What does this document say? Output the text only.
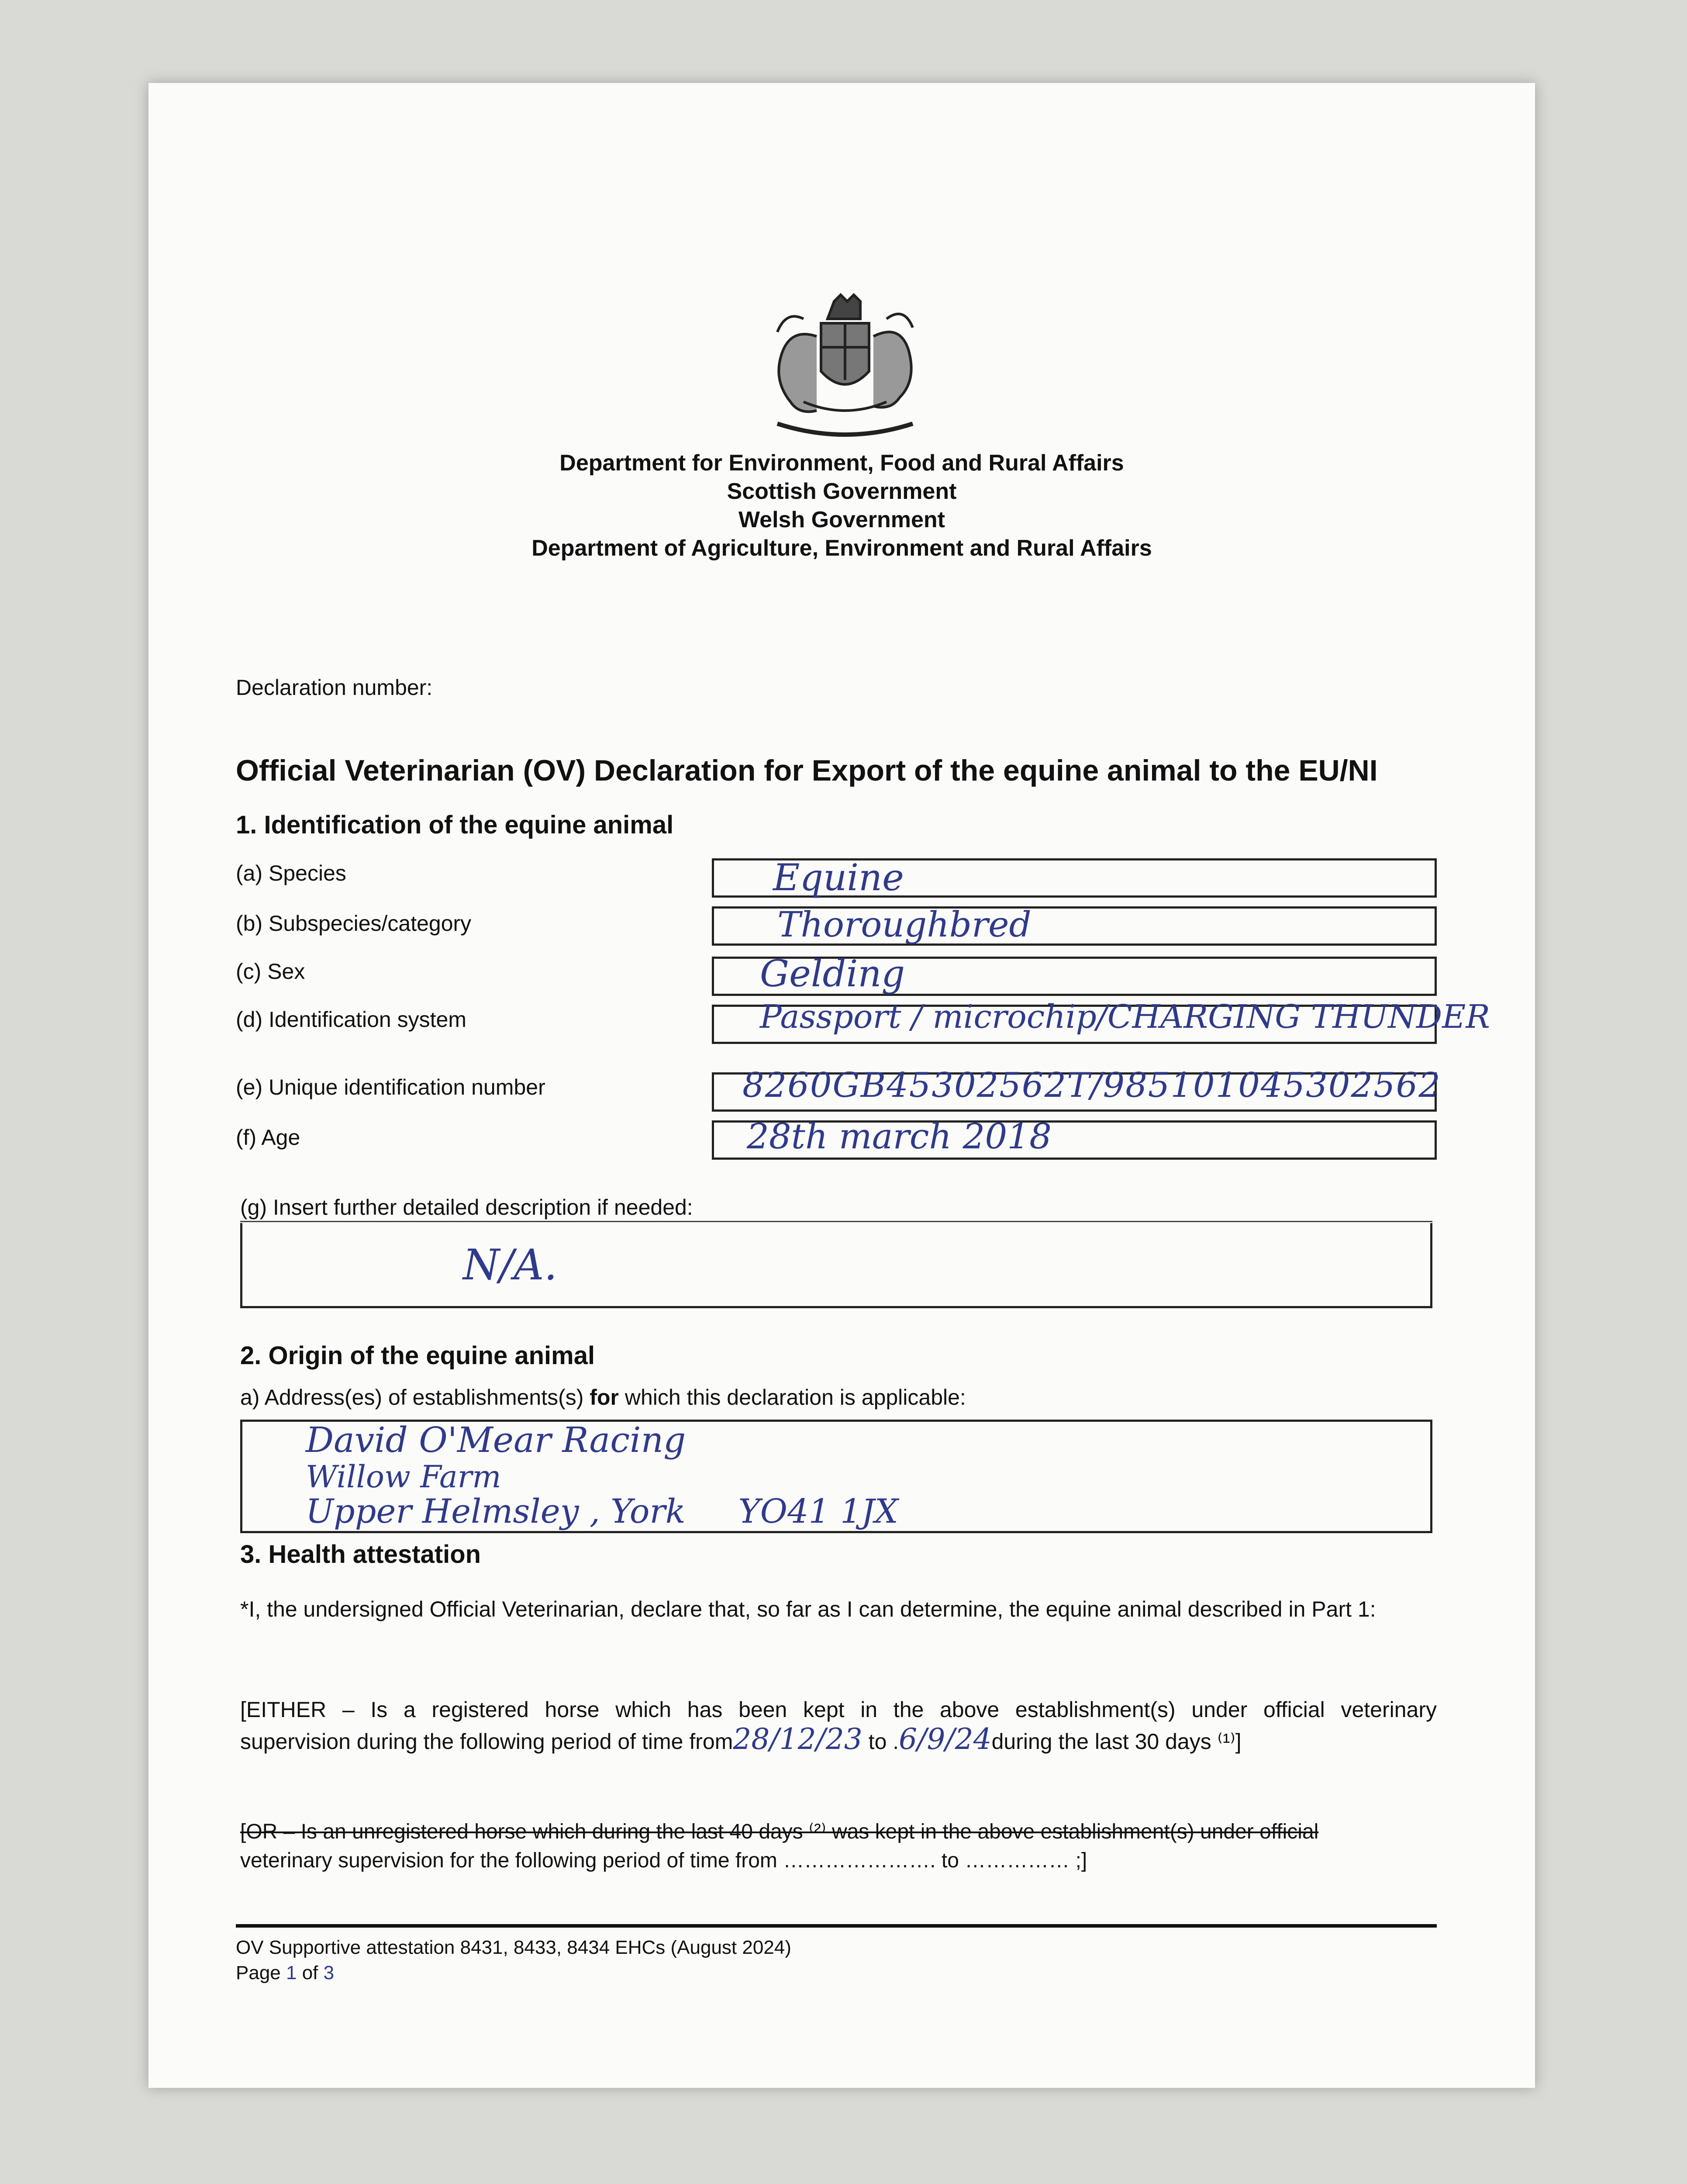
Department for Environment, Food and Rural Affairs
Scottish Government
Welsh Government
Department of Agriculture, Environment and Rural Affairs
Declaration number:
Official Veterinarian (OV) Declaration for Export of the equine animal to the EU/NI
1. Identification of the equine animal
(a) Species	Equine
(b) Subspecies/category	Thoroughbred
(c) Sex	Gelding
(d) Identification system	Passport / microchip/CHARGING THUNDER
(e) Unique identification number	8260GB45302562T/985101045302562
(f) Age	28th march 2018
(g) Insert further detailed description if needed:
N/A.
2. Origin of the equine animal
a) Address(es) of establishments(s) for which this declaration is applicable:
David O'Mear Racing
Willow Farm
Upper Helmsley , York     YO41 1JX
3. Health attestation
*I, the undersigned Official Veterinarian, declare that, so far as I can determine, the equine animal described in Part 1:
[EITHER – Is a registered horse which has been kept in the above establishment(s) under official veterinary
supervision during the following period of time from28/12/23 to .6/9/24during the last 30 days ⁽¹⁾]
[OR – Is an unregistered horse which during the last 40 days ⁽²⁾ was kept in the above establishment(s) under official
veterinary supervision for the following period of time from …………………. to …………… ;]
OV Supportive attestation 8431, 8433, 8434 EHCs (August 2024)
Page 1 of 3
